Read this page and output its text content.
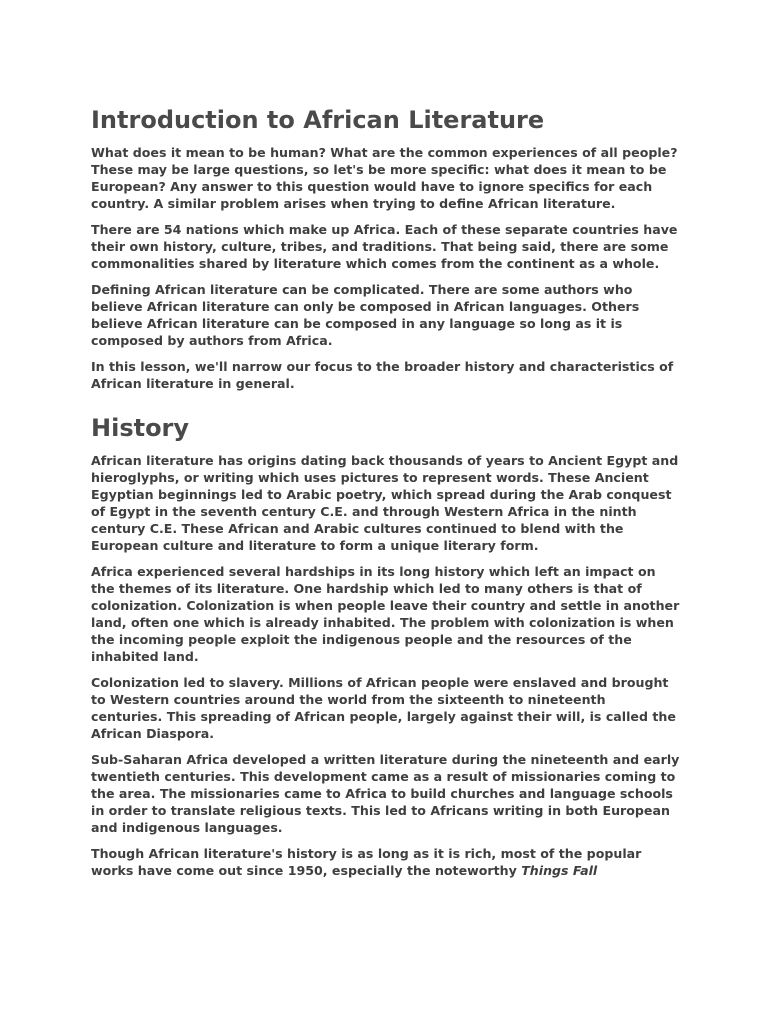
Introduction to African Literature

What does it mean to be human? What are the common experiences of all people? These may be large questions, so let's be more specific: what does it mean to be European? Any answer to this question would have to ignore specifics for each country. A similar problem arises when trying to define African literature.

There are 54 nations which make up Africa. Each of these separate countries have their own history, culture, tribes, and traditions. That being said, there are some commonalities shared by literature which comes from the continent as a whole.

Defining African literature can be complicated. There are some authors who believe African literature can only be composed in African languages. Others believe African literature can be composed in any language so long as it is composed by authors from Africa.

In this lesson, we'll narrow our focus to the broader history and characteristics of African literature in general.

History

African literature has origins dating back thousands of years to Ancient Egypt and hieroglyphs, or writing which uses pictures to represent words. These Ancient Egyptian beginnings led to Arabic poetry, which spread during the Arab conquest of Egypt in the seventh century C.E. and through Western Africa in the ninth century C.E. These African and Arabic cultures continued to blend with the European culture and literature to form a unique literary form.

Africa experienced several hardships in its long history which left an impact on the themes of its literature. One hardship which led to many others is that of colonization. Colonization is when people leave their country and settle in another land, often one which is already inhabited. The problem with colonization is when the incoming people exploit the indigenous people and the resources of the inhabited land.

Colonization led to slavery. Millions of African people were enslaved and brought to Western countries around the world from the sixteenth to nineteenth centuries. This spreading of African people, largely against their will, is called the African Diaspora.

Sub-Saharan Africa developed a written literature during the nineteenth and early twentieth centuries. This development came as a result of missionaries coming to the area. The missionaries came to Africa to build churches and language schools in order to translate religious texts. This led to Africans writing in both European and indigenous languages.

Though African literature's history is as long as it is rich, most of the popular works have come out since 1950, especially the noteworthy Things Fall
